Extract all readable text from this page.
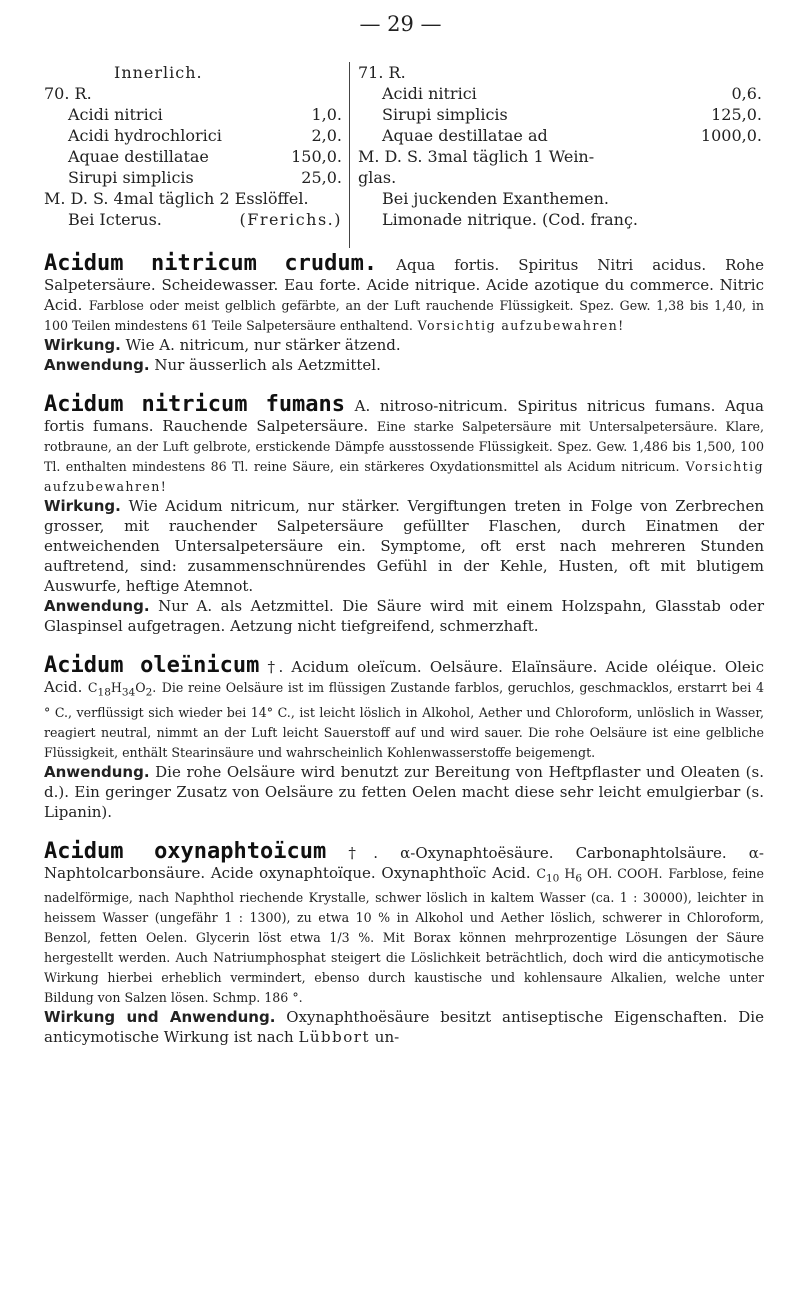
— 29 —
Innerlich.
70. R.
Acidi nitrici	1,0.
Acidi hydrochlorici	2,0.
Aquae destillatae	150,0.
Sirupi simplicis	25,0.
M. D. S. 4mal täglich 2 Esslöffel.
Bei Icterus.	(Frerichs.)
71. R.
Acidi nitrici	0,6.
Sirupi simplicis	125,0.
Aquae destillatae ad	1000,0.
M. D. S. 3mal täglich 1 Wein-
glas.
Bei juckenden Exanthemen.
Limonade nitrique. (Cod. franç.

Acidum nitricum crudum. Aqua fortis. Spiritus Nitri acidus. Rohe Salpetersäure. Scheidewasser. Eau forte. Acide nitrique. Acide azotique du commerce. Nitric Acid. Farblose oder meist gelblich gefärbte, an der Luft rauchende Flüssigkeit. Spez. Gew. 1,38 bis 1,40, in 100 Teilen mindestens 61 Teile Salpetersäure enthaltend. Vorsichtig aufzubewahren!

Wirkung. Wie A. nitricum, nur stärker ätzend.

Anwendung. Nur äusserlich als Aetzmittel.

Acidum nitricum fumans A. nitroso-nitricum. Spiritus nitricus fumans. Aqua fortis fumans. Rauchende Salpetersäure. Eine starke Salpetersäure mit Untersalpetersäure. Klare, rotbraune, an der Luft gelbrote, erstickende Dämpfe ausstossende Flüssigkeit. Spez. Gew. 1,486 bis 1,500, 100 Tl. enthalten mindestens 86 Tl. reine Säure, ein stärkeres Oxydationsmittel als Acidum nitricum. Vorsichtig aufzubewahren!

Wirkung. Wie Acidum nitricum, nur stärker. Vergiftungen treten in Folge von Zerbrechen grosser, mit rauchender Salpetersäure gefüllter Flaschen, durch Einatmen der entweichenden Untersalpetersäure ein. Symptome, oft erst nach mehreren Stunden auftretend, sind: zusammenschnürendes Gefühl in der Kehle, Husten, oft mit blutigem Auswurfe, heftige Atemnot.

Anwendung. Nur A. als Aetzmittel. Die Säure wird mit einem Holzspahn, Glasstab oder Glaspinsel aufgetragen. Aetzung nicht tiefgreifend, schmerzhaft.

Acidum oleïnicum †. Acidum oleïcum. Oelsäure. Elaïnsäure. Acide oléique. Oleic Acid. $C_{18}H_{34}O_2$. Die reine Oelsäure ist im flüssigen Zustande farblos, geruchlos, geschmacklos, erstarrt bei 4 ° C., verflüssigt sich wieder bei 14° C., ist leicht löslich in Alkohol, Aether und Chloroform, unlöslich in Wasser, reagiert neutral, nimmt an der Luft leicht Sauerstoff auf und wird sauer. Die rohe Oelsäure ist eine gelbliche Flüssigkeit, enthält Stearinsäure und wahrscheinlich Kohlenwasserstoffe beigemengt.

Anwendung. Die rohe Oelsäure wird benutzt zur Bereitung von Heftpflaster und Oleaten (s. d.). Ein geringer Zusatz von Oelsäure zu fetten Oelen macht diese sehr leicht emulgierbar (s. Lipanin).

Acidum oxynaphtoïcum †. α-Oxynaphtoësäure. Carbonaphtolsäure. α-Naphtolcarbonsäure. Acide oxynaphtoïque. Oxynaphthoïc Acid. $C_{10}$ $H_6$ OH. COOH. Farblose, feine nadelförmige, nach Naphthol riechende Krystalle, schwer löslich in kaltem Wasser (ca. 1 : 30000), leichter in heissem Wasser (ungefähr 1 : 1300), zu etwa 10 % in Alkohol und Aether löslich, schwerer in Chloroform, Benzol, fetten Oelen. Glycerin löst etwa 1/3 %. Mit Borax können mehrprozentige Lösungen der Säure hergestellt werden. Auch Natriumphosphat steigert die Löslichkeit beträchtlich, doch wird die anticymotische Wirkung hierbei erheblich vermindert, ebenso durch kaustische und kohlensaure Alkalien, welche unter Bildung von Salzen lösen. Schmp. 186 °.

Wirkung und Anwendung. Oxynaphthoësäure besitzt antiseptische Eigenschaften. Die anticymotische Wirkung ist nach Lübbort un-
